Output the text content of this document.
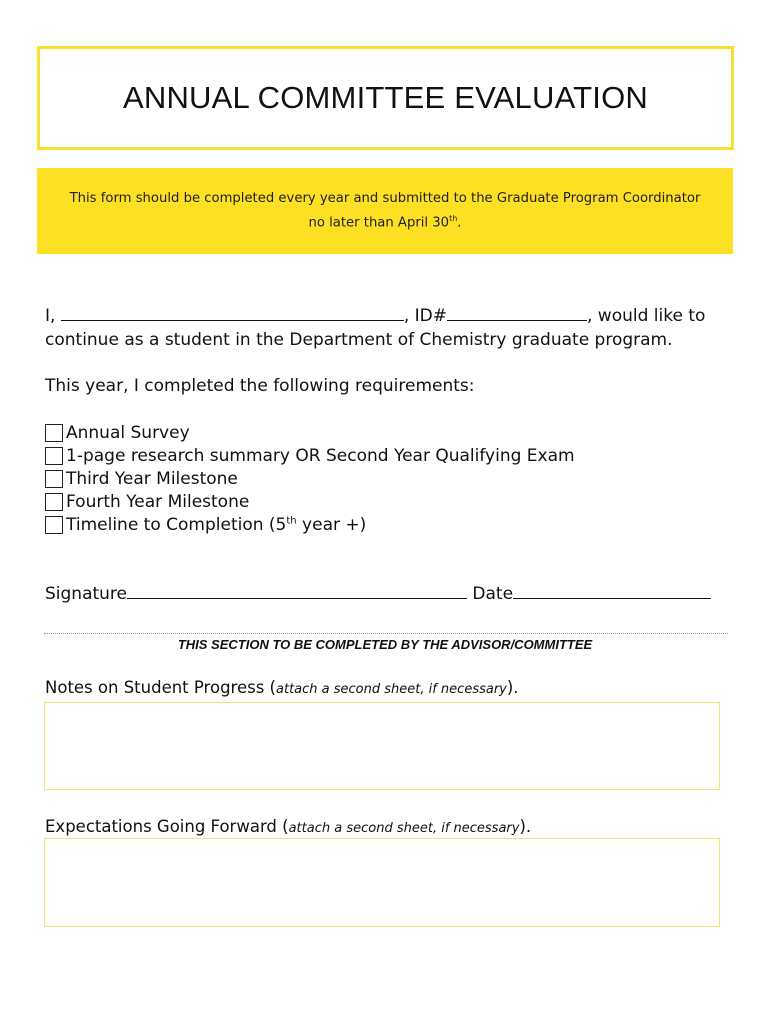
ANNUAL COMMITTEE EVALUATION
This form should be completed every year and submitted to the Graduate Program Coordinator no later than April 30th.
I,	, ID#	, would like to
continue as a student in the Department of Chemistry graduate program.
This year, I completed the following requirements:
Annual Survey
1-page research summary OR Second Year Qualifying Exam
Third Year Milestone
Fourth Year Milestone
Timeline to Completion (5th year +)
Signature	Date
THIS SECTION TO BE COMPLETED BY THE ADVISOR/COMMITTEE
Notes on Student Progress (attach a second sheet, if necessary).
Expectations Going Forward (attach a second sheet, if necessary).
